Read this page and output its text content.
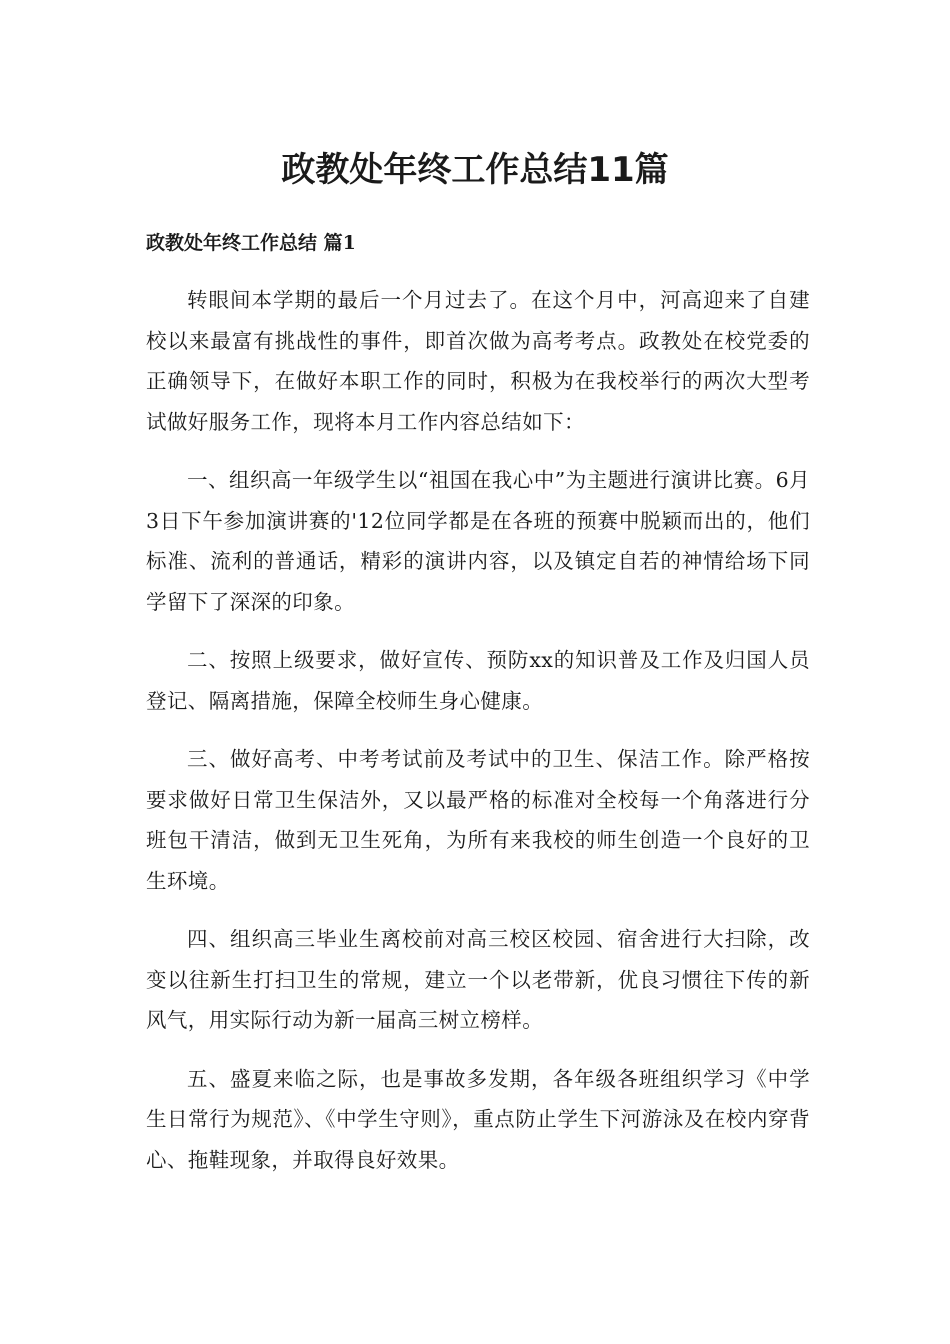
政教处年终工作总结11篇
政教处年终工作总结 篇1

转眼间本学期的最后一个月过去了。在这个月中，河高迎来了自建校以来最富有挑战性的事件，即首次做为高考考点。政教处在校党委的正确领导下，在做好本职工作的同时，积极为在我校举行的两次大型考试做好服务工作，现将本月工作内容总结如下：

一、组织高一年级学生以“祖国在我心中”为主题进行演讲比赛。6月3日下午参加演讲赛的'12位同学都是在各班的预赛中脱颖而出的，他们标准、流利的普通话，精彩的演讲内容，以及镇定自若的神情给场下同学留下了深深的印象。

二、按照上级要求，做好宣传、预防xx的知识普及工作及归国人员登记、隔离措施，保障全校师生身心健康。

三、做好高考、中考考试前及考试中的卫生、保洁工作。除严格按要求做好日常卫生保洁外，又以最严格的标准对全校每一个角落进行分班包干清洁，做到无卫生死角，为所有来我校的师生创造一个良好的卫生环境。

四、组织高三毕业生离校前对高三校区校园、宿舍进行大扫除，改变以往新生打扫卫生的常规，建立一个以老带新，优良习惯往下传的新风气，用实际行动为新一届高三树立榜样。

五、盛夏来临之际，也是事故多发期，各年级各班组织学习《中学生日常行为规范》、《中学生守则》，重点防止学生下河游泳及在校内穿背心、拖鞋现象，并取得良好效果。
